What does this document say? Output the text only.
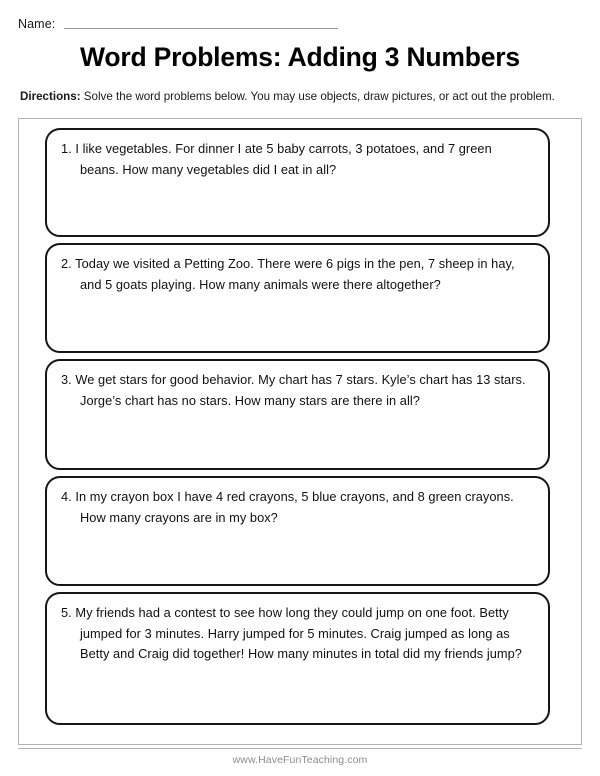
Name:
Word Problems: Adding 3 Numbers
Directions: Solve the word problems below. You may use objects, draw pictures, or act out the problem.
1. I like vegetables. For dinner I ate 5 baby carrots, 3 potatoes, and 7 green beans. How many vegetables did I eat in all?
2. Today we visited a Petting Zoo. There were 6 pigs in the pen, 7 sheep in hay, and 5 goats playing. How many animals were there altogether?
3. We get stars for good behavior. My chart has 7 stars. Kyle’s chart has 13 stars. Jorge’s chart has no stars. How many stars are there in all?
4. In my crayon box I have 4 red crayons, 5 blue crayons, and 8 green crayons. How many crayons are in my box?
5. My friends had a contest to see how long they could jump on one foot. Betty jumped for 3 minutes. Harry jumped for 5 minutes. Craig jumped as long as Betty and Craig did together! How many minutes in total did my friends jump?
www.HaveFunTeaching.com
